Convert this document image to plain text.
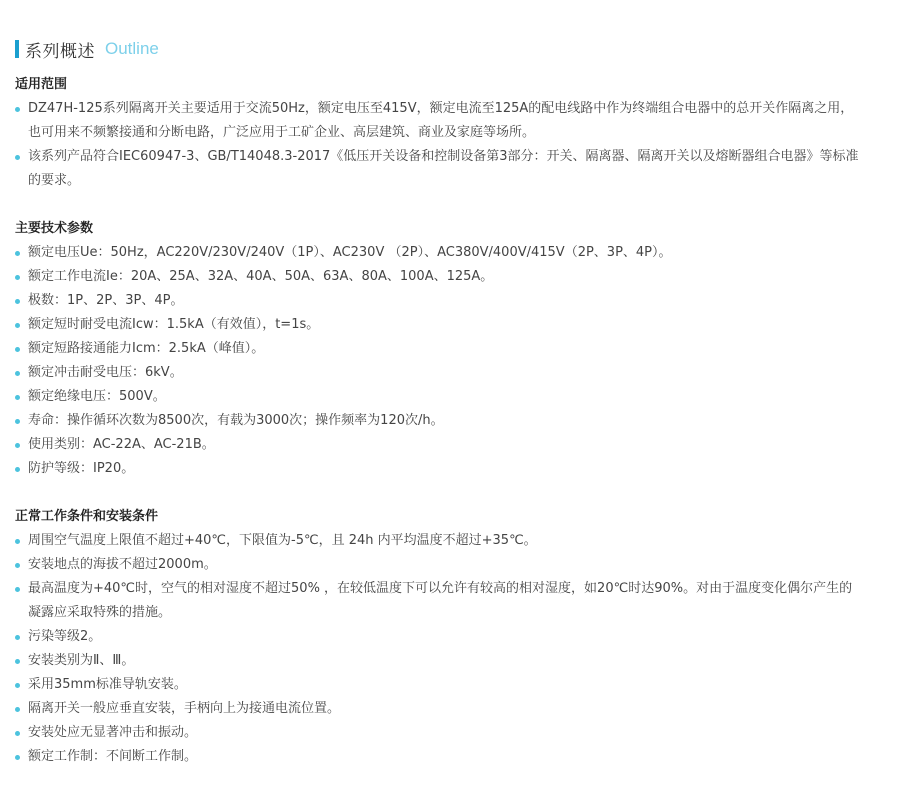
系列概述 Outline
适用范围
DZ47H-125系列隔离开关主要适用于交流50Hz，额定电压至415V，额定电流至125A的配电线路中作为终端组合电器中的总开关作隔离之用，也可用来不频繁接通和分断电路，广泛应用于工矿企业、高层建筑、商业及家庭等场所。
该系列产品符合IEC60947-3、GB/T14048.3-2017《低压开关设备和控制设备第3部分：开关、隔离器、隔离开关以及熔断器组合电器》等标准的要求。
主要技术参数
额定电压Ue：50Hz，AC220V/230V/240V（1P）、AC230V （2P）、AC380V/400V/415V（2P、3P、4P）。
额定工作电流Ie：20A、25A、32A、40A、50A、63A、80A、100A、125A。
极数：1P、2P、3P、4P。
额定短时耐受电流Icw：1.5kA（有效值），t=1s。
额定短路接通能力Icm：2.5kA（峰值）。
额定冲击耐受电压：6kV。
额定绝缘电压：500V。
寿命：操作循环次数为8500次，有载为3000次；操作频率为120次/h。
使用类别：AC-22A、AC-21B。
防护等级：IP20。
正常工作条件和安装条件
周围空气温度上限值不超过+40℃，下限值为-5℃，且 24h 内平均温度不超过+35℃。
安装地点的海拔不超过2000m。
最高温度为+40℃时，空气的相对湿度不超过50% ，在较低温度下可以允许有较高的相对湿度，如20℃时达90%。对由于温度变化偶尔产生的凝露应采取特殊的措施。
污染等级2。
安装类别为Ⅱ、Ⅲ。
采用35mm标准导轨安装。
隔离开关一般应垂直安装，手柄向上为接通电流位置。
安装处应无显著冲击和振动。
额定工作制：不间断工作制。
